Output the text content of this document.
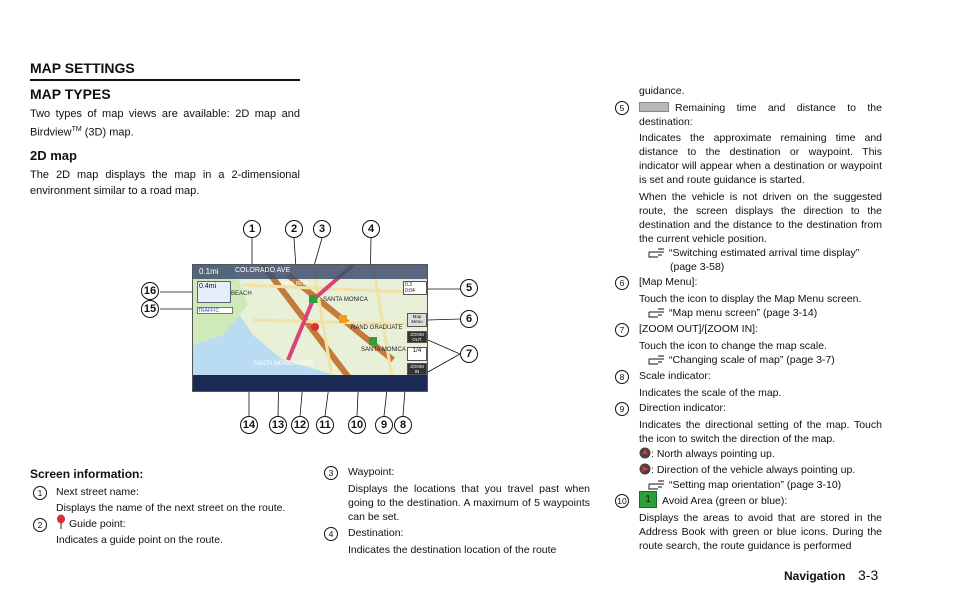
MAP SETTINGS
MAP TYPES
Two types of map views are available: 2D map and Birdview™ (3D) map.
2D map
The 2D map displays the map in a 2-dimensional environment similar to a road map.
1	2	3	4
5
6
7
16
15
14 13 12 11 10	9	8
0.1mi COLORADO AVE
0.4mi
BEACH
TRAFFIC
PARK REST
SANTA MONICA
RAND GRADUATE
SANTA MONICA
SANTA MONICA PIER
0.3
0:04
Map Menu
ZOOM OUT
ZOOM IN
1/4
Screen information:
1	Next street name:
Displays the name of the next street on the route.
2	Guide point:
Indicates a guide point on the route.
3	Waypoint:
Displays the locations that you travel past when going to the destination. A maximum of 5 waypoints can be set.
4	Destination:
Indicates the destination location of the route
guidance.
5	Remaining time and distance to the destination:
Indicates the approximate remaining time and distance to the destination or waypoint. This indicator will appear when a destination or waypoint is set and route guidance is started.
When the vehicle is not driven on the suggested route, the screen displays the direction to the destination and the distance to the destination from the current vehicle position.
“Switching estimated arrival time display” (page 3-58)
6	[Map Menu]:
Touch the icon to display the Map Menu screen.
“Map menu screen” (page 3-14)
7	[ZOOM OUT]/[ZOOM IN]:
Touch the icon to change the map scale.
“Changing scale of map” (page 3-7)
8	Scale indicator:
Indicates the scale of the map.
9	Direction indicator:
Indicates the directional setting of the map. Touch the icon to switch the direction of the map.
: North always pointing up.
: Direction of the vehicle always pointing up.
“Setting map orientation” (page 3-10)
10	1	Avoid Area (green or blue):
Displays the areas to avoid that are stored in the Address Book with green or blue icons. During the route search, the route guidance is performed
Navigation 3-3
